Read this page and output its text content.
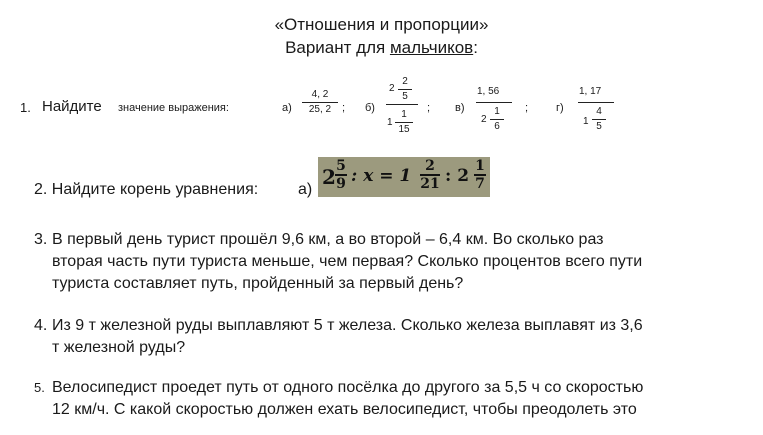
«Отношения и пропорции»
Вариант для мальчиков:
1. Найдите значение выражения:	а)
4, 2
25, 2 ; б)
2
2
5
1
1
15
; в)
1, 56
2
1
6
;	г)
1, 17
1
4
5
2. Найдите корень уравнения: а)
2 5
9 : x = 1 2
21 : 2 1
7
3. В первый день турист прошёл 9,6 км, а во второй – 6,4 км. Во сколько раз
вторая часть пути туриста меньше, чем первая? Сколько процентов всего пути
туриста составляет путь, пройденный за первый день?
4. Из 9 т железной руды выплавляют 5 т железа. Сколько железа выплавят из 3,6
т железной руды?
5. Велосипедист проедет путь от одного посёлка до другого за 5,5 ч со скоростью
12 км/ч. С какой скоростью должен ехать велосипедист, чтобы преодолеть это
